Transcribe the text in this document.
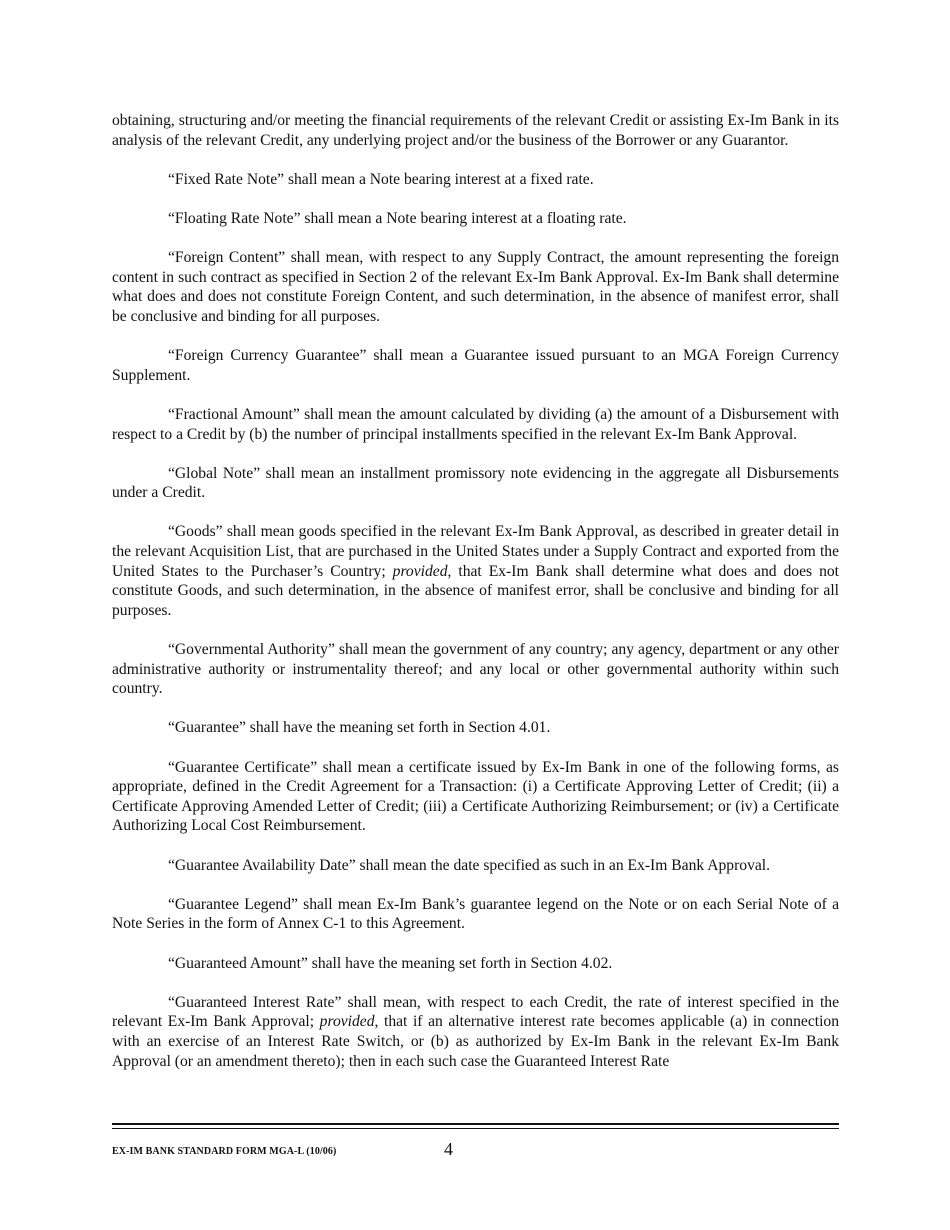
obtaining, structuring and/or meeting the financial requirements of the relevant Credit or assisting Ex-Im Bank in its analysis of the relevant Credit, any underlying project and/or the business of the Borrower or any Guarantor.

“Fixed Rate Note” shall mean a Note bearing interest at a fixed rate.

“Floating Rate Note” shall mean a Note bearing interest at a floating rate.

“Foreign Content” shall mean, with respect to any Supply Contract, the amount representing the foreign content in such contract as specified in Section 2 of the relevant Ex-Im Bank Approval. Ex-Im Bank shall determine what does and does not constitute Foreign Content, and such determination, in the absence of manifest error, shall be conclusive and binding for all purposes.

“Foreign Currency Guarantee” shall mean a Guarantee issued pursuant to an MGA Foreign Currency Supplement.

“Fractional Amount” shall mean the amount calculated by dividing (a) the amount of a Disbursement with respect to a Credit by (b) the number of principal installments specified in the relevant Ex-Im Bank Approval.

“Global Note” shall mean an installment promissory note evidencing in the aggregate all Disbursements under a Credit.

“Goods” shall mean goods specified in the relevant Ex-Im Bank Approval, as described in greater detail in the relevant Acquisition List, that are purchased in the United States under a Supply Contract and exported from the United States to the Purchaser’s Country; provided, that Ex-Im Bank shall determine what does and does not constitute Goods, and such determination, in the absence of manifest error, shall be conclusive and binding for all purposes.

“Governmental Authority” shall mean the government of any country; any agency, department or any other administrative authority or instrumentality thereof; and any local or other governmental authority within such country.

“Guarantee” shall have the meaning set forth in Section 4.01.

“Guarantee Certificate” shall mean a certificate issued by Ex-Im Bank in one of the following forms, as appropriate, defined in the Credit Agreement for a Transaction: (i) a Certificate Approving Letter of Credit; (ii) a Certificate Approving Amended Letter of Credit; (iii) a Certificate Authorizing Reimbursement; or (iv) a Certificate Authorizing Local Cost Reimbursement.

“Guarantee Availability Date” shall mean the date specified as such in an Ex-Im Bank Approval.

“Guarantee Legend” shall mean Ex-Im Bank’s guarantee legend on the Note or on each Serial Note of a Note Series in the form of Annex C-1 to this Agreement.

“Guaranteed Amount” shall have the meaning set forth in Section 4.02.

“Guaranteed Interest Rate” shall mean, with respect to each Credit, the rate of interest specified in the relevant Ex-Im Bank Approval; provided, that if an alternative interest rate becomes applicable (a) in connection with an exercise of an Interest Rate Switch, or (b) as authorized by Ex-Im Bank in the relevant Ex-Im Bank Approval (or an amendment thereto); then in each such case the Guaranteed Interest Rate

EX-IM BANK STANDARD FORM MGA-L (10/06)	4
